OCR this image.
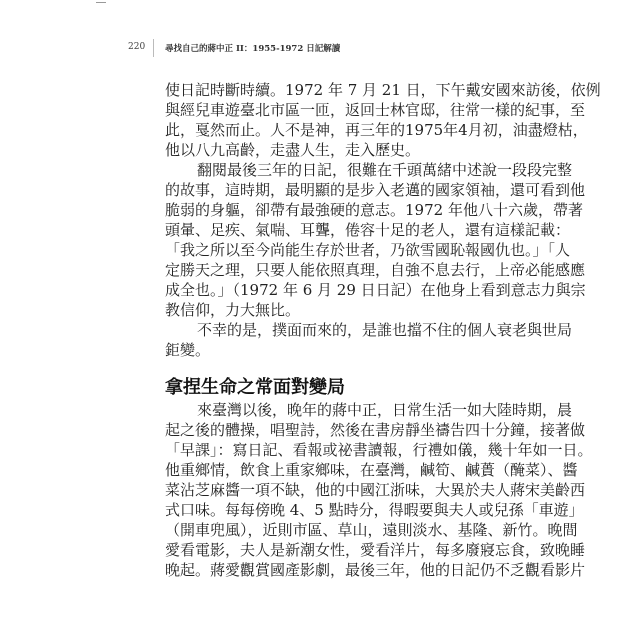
220 尋找自己的蔣中正 II：1955-1972 日記解讀
使日記時斷時續。1972 年 7 月 21 日，下午戴安國來訪後，依例
與經兒車遊臺北市區一匝，返回士林官邸，往常一樣的紀事，至
此，戛然而止。人不是神，再三年的1975年4月初，油盡燈枯，
他以八九高齡，走盡人生，走入歷史。
翻閱最後三年的日記，很難在千頭萬緒中述說一段段完整
的故事，這時期，最明顯的是步入老邁的國家領袖，還可看到他
脆弱的身軀，卻帶有最強硬的意志。1972 年他八十六歲，帶著
頭暈、足疾、氣喘、耳聾，倦容十足的老人，還有這樣記載：
「我之所以至今尚能生存於世者，乃欲雪國恥報國仇也。」「人
定勝天之理，只要人能依照真理，自強不息去行，上帝必能感應
成全也。」（1972 年 6 月 29 日日記）在他身上看到意志力與宗
教信仰，力大無比。
不幸的是，撲面而來的，是誰也擋不住的個人衰老與世局
鉅變。
拿捏生命之常面對變局
來臺灣以後，晚年的蔣中正，日常生活一如大陸時期，晨
起之後的體操，唱聖詩，然後在書房靜坐禱告四十分鐘，接著做
「早課」：寫日記、看報或祕書讀報，行禮如儀，幾十年如一日。
他重鄉情，飲食上重家鄉味，在臺灣，鹹筍、鹹蕢（醃菜）、醬
菜沾芝麻醬一項不缺，他的中國江浙味，大異於夫人蔣宋美齡西
式口味。每每傍晚 4、5 點時分，得暇要與夫人或兒孫「車遊」
（開車兜風），近則市區、草山，遠則淡水、基隆、新竹。晚間
愛看電影，夫人是新潮女性，愛看洋片，每多廢寢忘食，致晚睡
晚起。蔣愛觀賞國產影劇，最後三年，他的日記仍不乏觀看影片
